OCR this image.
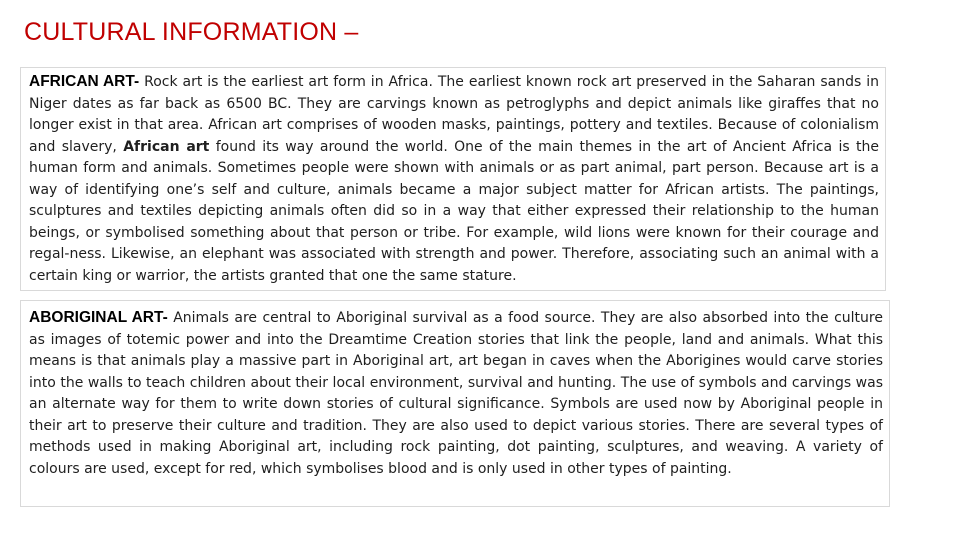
CULTURAL INFORMATION –
AFRICAN ART- Rock art is the earliest art form in Africa. The earliest known rock art preserved in the Saharan sands in Niger dates as far back as 6500 BC. They are carvings known as petroglyphs and depict animals like giraffes that no longer exist in that area. African art comprises of wooden masks, paintings, pottery and textiles. Because of colonialism and slavery, African art found its way around the world. One of the main themes in the art of Ancient Africa is the human form and animals. Sometimes people were shown with animals or as part animal, part person. Because art is a way of identifying one’s self and culture, animals became a major subject matter for African artists. The paintings, sculptures and textiles depicting animals often did so in a way that either expressed their relationship to the human beings, or symbolised something about that person or tribe. For example, wild lions were known for their courage and regal-ness. Likewise, an elephant was associated with strength and power. Therefore, associating such an animal with a certain king or warrior, the artists granted that one the same stature.
ABORIGINAL ART- Animals are central to Aboriginal survival as a food source. They are also absorbed into the culture as images of totemic power and into the Dreamtime Creation stories that link the people, land and animals. What this means is that animals play a massive part in Aboriginal art, art began in caves when the Aborigines would carve stories into the walls to teach children about their local environment, survival and hunting. The use of symbols and carvings was an alternate way for them to write down stories of cultural significance. Symbols are used now by Aboriginal people in their art to preserve their culture and tradition. They are also used to depict various stories. There are several types of methods used in making Aboriginal art, including rock painting, dot painting, sculptures, and weaving. A variety of colours are used, except for red, which symbolises blood and is only used in other types of painting.
